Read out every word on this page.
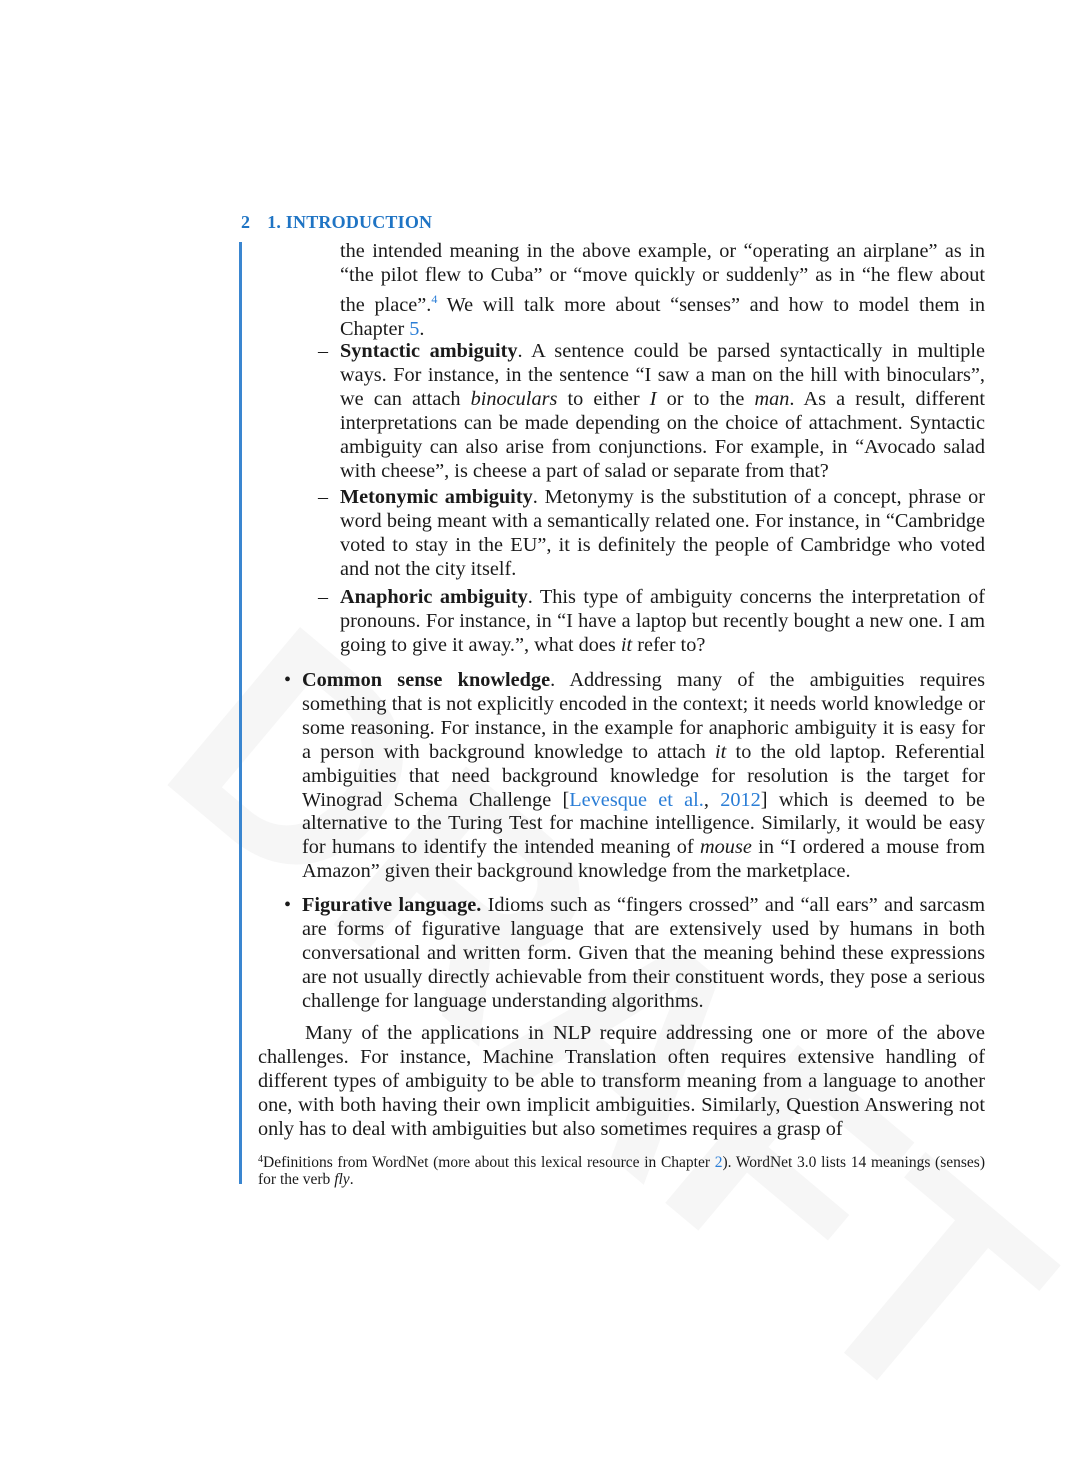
2 1. INTRODUCTION
the intended meaning in the above example, or “operating an airplane” as in “the pilot flew to Cuba” or “move quickly or suddenly” as in “he flew about the place”.$^4$ We will talk more about “senses” and how to model them in Chapter 5.
– Syntactic ambiguity. A sentence could be parsed syntactically in multiple ways. For instance, in the sentence “I saw a man on the hill with binoculars”, we can attach binoculars to either I or to the man. As a result, different interpretations can be made depending on the choice of attachment. Syntactic ambiguity can also arise from conjunctions. For example, in “Avocado salad with cheese”, is cheese a part of salad or separate from that?
– Metonymic ambiguity. Metonymy is the substitution of a concept, phrase or word being meant with a semantically related one. For instance, in “Cambridge voted to stay in the EU”, it is definitely the people of Cambridge who voted and not the city itself.
– Anaphoric ambiguity. This type of ambiguity concerns the interpretation of pronouns. For instance, in “I have a laptop but recently bought a new one. I am going to give it away.”, what does it refer to?
• Common sense knowledge. Addressing many of the ambiguities requires something that is not explicitly encoded in the context; it needs world knowledge or some reasoning. For instance, in the example for anaphoric ambiguity it is easy for a person with background knowledge to attach it to the old laptop. Referential ambiguities that need background knowledge for resolution is the target for Winograd Schema Challenge [Levesque et al., 2012] which is deemed to be alternative to the Turing Test for machine intelligence. Similarly, it would be easy for humans to identify the intended meaning of mouse in “I ordered a mouse from Amazon” given their background knowledge from the marketplace.
• Figurative language. Idioms such as “fingers crossed” and “all ears” and sarcasm are forms of figurative language that are extensively used by humans in both conversational and written form. Given that the meaning behind these expressions are not usually directly achievable from their constituent words, they pose a serious challenge for language understanding algorithms.
Many of the applications in NLP require addressing one or more of the above challenges. For instance, Machine Translation often requires extensive handling of different types of ambiguity to be able to transform meaning from a language to another one, with both having their own implicit ambiguities. Similarly, Question Answering not only has to deal with ambiguities but also sometimes requires a grasp of
$^4$Definitions from WordNet (more about this lexical resource in Chapter 2). WordNet 3.0 lists 14 meanings (senses) for the verb fly.
